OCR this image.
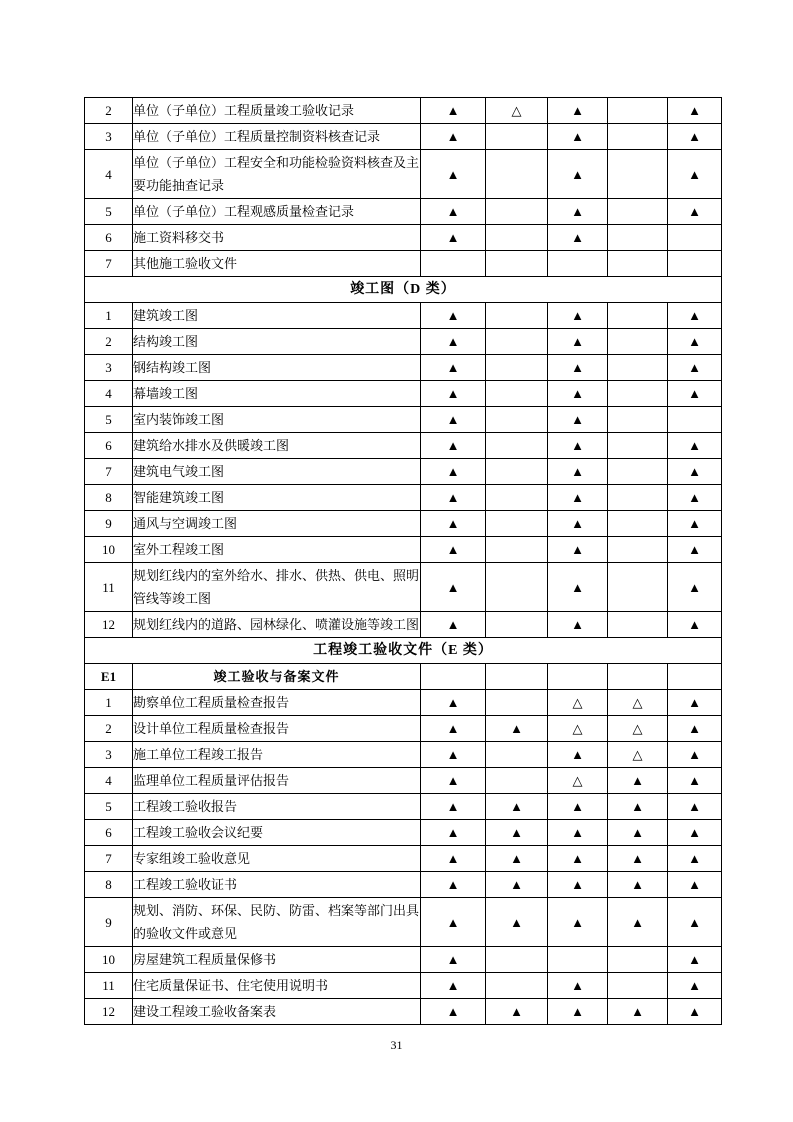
2	单位（子单位）工程质量竣工验收记录	▲	△	▲		▲
3	单位（子单位）工程质量控制资料核查记录	▲		▲		▲
4	单位（子单位）工程安全和功能检验资料核查及主要功能抽查记录	▲		▲		▲
5	单位（子单位）工程观感质量检查记录	▲		▲		▲
6	施工资料移交书	▲		▲		
7	其他施工验收文件					
竣工图（D 类）						
1	建筑竣工图	▲		▲		▲
2	结构竣工图	▲		▲		▲
3	钢结构竣工图	▲		▲		▲
4	幕墙竣工图	▲		▲		▲
5	室内装饰竣工图	▲		▲		
6	建筑给水排水及供暖竣工图	▲		▲		▲
7	建筑电气竣工图	▲		▲		▲
8	智能建筑竣工图	▲		▲		▲
9	通风与空调竣工图	▲		▲		▲
10	室外工程竣工图	▲		▲		▲
11	规划红线内的室外给水、排水、供热、供电、照明管线等竣工图	▲		▲		▲
12	规划红线内的道路、园林绿化、喷灌设施等竣工图	▲		▲		▲
工程竣工验收文件（E 类）						
E1	竣工验收与备案文件					
1	勘察单位工程质量检查报告	▲		△	△	▲
2	设计单位工程质量检查报告	▲	▲	△	△	▲
3	施工单位工程竣工报告	▲		▲	△	▲
4	监理单位工程质量评估报告	▲		△	▲	▲
5	工程竣工验收报告	▲	▲	▲	▲	▲
6	工程竣工验收会议纪要	▲	▲	▲	▲	▲
7	专家组竣工验收意见	▲	▲	▲	▲	▲
8	工程竣工验收证书	▲	▲	▲	▲	▲
9	规划、消防、环保、民防、防雷、档案等部门出具的验收文件或意见	▲	▲	▲	▲	▲
10	房屋建筑工程质量保修书	▲				▲
11	住宅质量保证书、住宅使用说明书	▲		▲		▲
12	建设工程竣工验收备案表	▲	▲	▲	▲	▲
31
